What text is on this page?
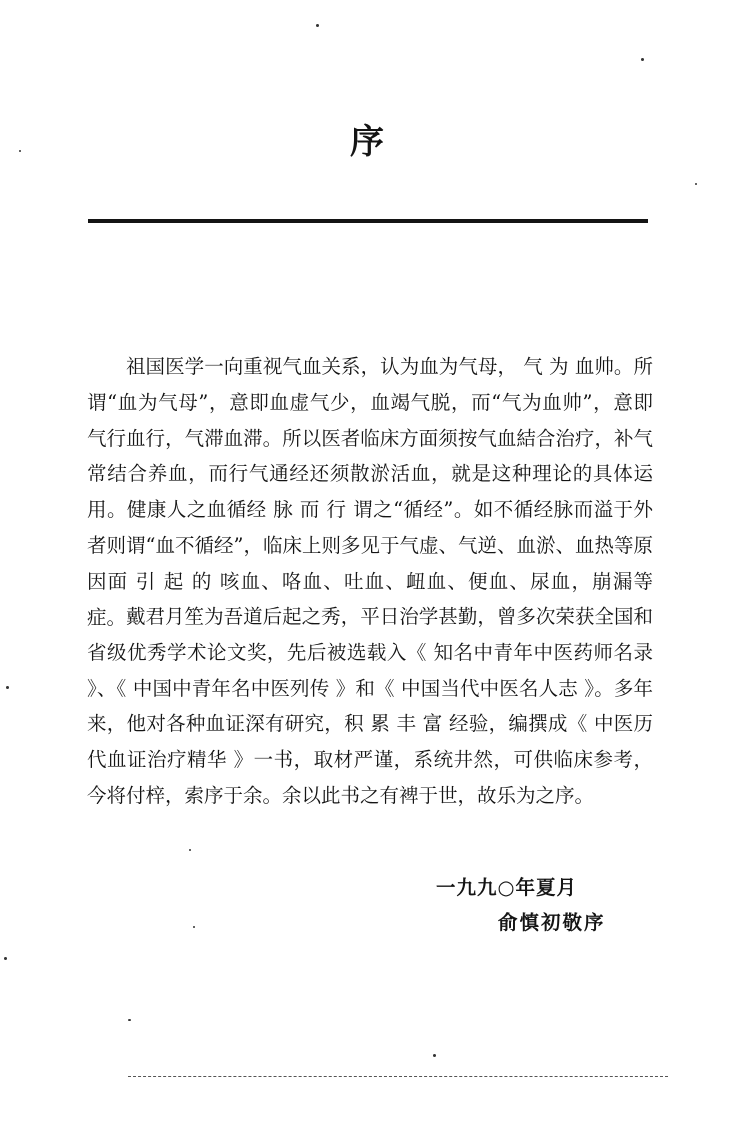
序

祖国医学一向重视气血关系，认为血为气母， 气 为 血帅。所谓“血为气母”，意即血虚气少，血竭气脱，而“气为血帅”，意即气行血行，气滞血滞。所以医者临床方面须按气血結合治疗，补气常结合养血，而行气通经还须散淤活血，就是这种理论的具体运用。健康人之血循经 脉 而 行 谓之“循经”。如不循经脉而溢于外者则谓“血不循经”，临床上则多见于气虚、气逆、血淤、血热等原因面 引 起 的 咳血、咯血、吐血、衄血、便血、尿血，崩漏等症。 戴君月笙为吾道后起之秀，平日治学甚勤，曾多次荣获全国和省级优秀学术论文奖，先后被选载入《 知名中青年中医药师名录 》、《 中国中青年名中医列传 》和《 中国当代中医名人志 》。多年来，他对各种血证深有研究，积 累 丰 富 经验，编撰成《 中医历代血证治疗精华 》一书，取材严谨，系统井然，可供临床参考，今将付梓，索序于余。余以此书之有裨于世，故乐为之序。

一九九○年夏月
俞慎初敬序
